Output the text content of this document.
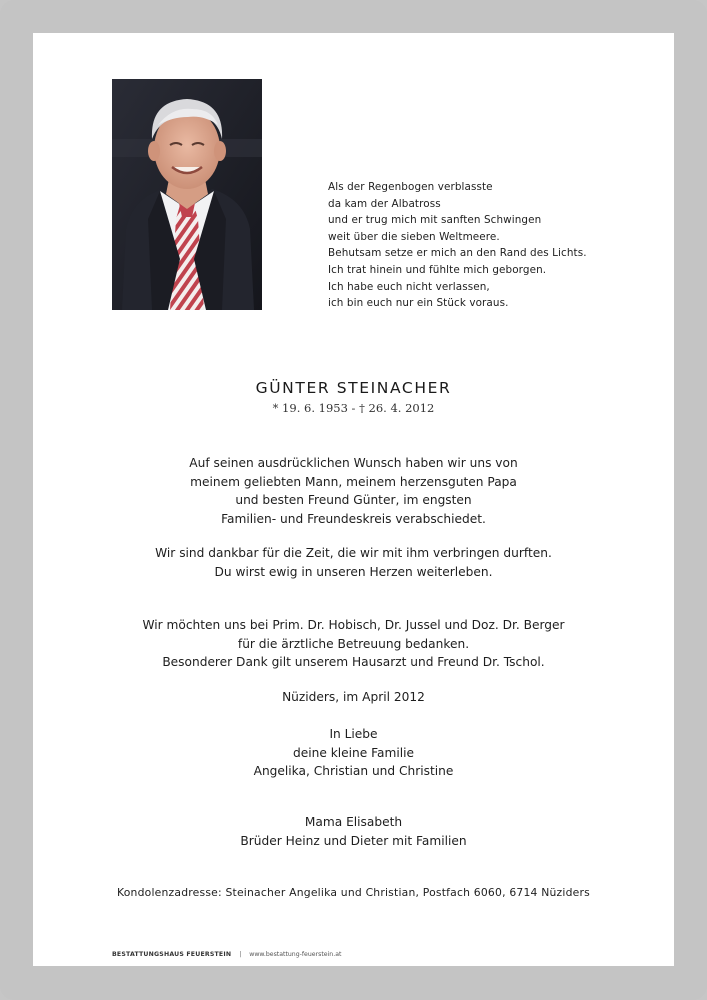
Als der Regenbogen verblasste
da kam der Albatross
und er trug mich mit sanften Schwingen
weit über die sieben Weltmeere.
Behutsam setze er mich an den Rand des Lichts.
Ich trat hinein und fühlte mich geborgen.
Ich habe euch nicht verlassen,
ich bin euch nur ein Stück voraus.
GÜNTER STEINACHER
* 19. 6. 1953 - † 26. 4. 2012
Auf seinen ausdrücklichen Wunsch haben wir uns von
meinem geliebten Mann, meinem herzensguten Papa
und besten Freund Günter, im engsten
Familien- und Freundeskreis verabschiedet.
Wir sind dankbar für die Zeit, die wir mit ihm verbringen durften.
Du wirst ewig in unseren Herzen weiterleben.
Wir möchten uns bei Prim. Dr. Hobisch, Dr. Jussel und Doz. Dr. Berger
für die ärztliche Betreuung bedanken.
Besonderer Dank gilt unserem Hausarzt und Freund Dr. Tschol.
Nüziders, im April 2012
In Liebe
deine kleine Familie
Angelika, Christian und Christine
Mama Elisabeth
Brüder Heinz und Dieter mit Familien
Kondolenzadresse: Steinacher Angelika und Christian, Postfach 6060, 6714 Nüziders
BESTATTUNGSHAUS FEUERSTEIN | www.bestattung-feuerstein.at
